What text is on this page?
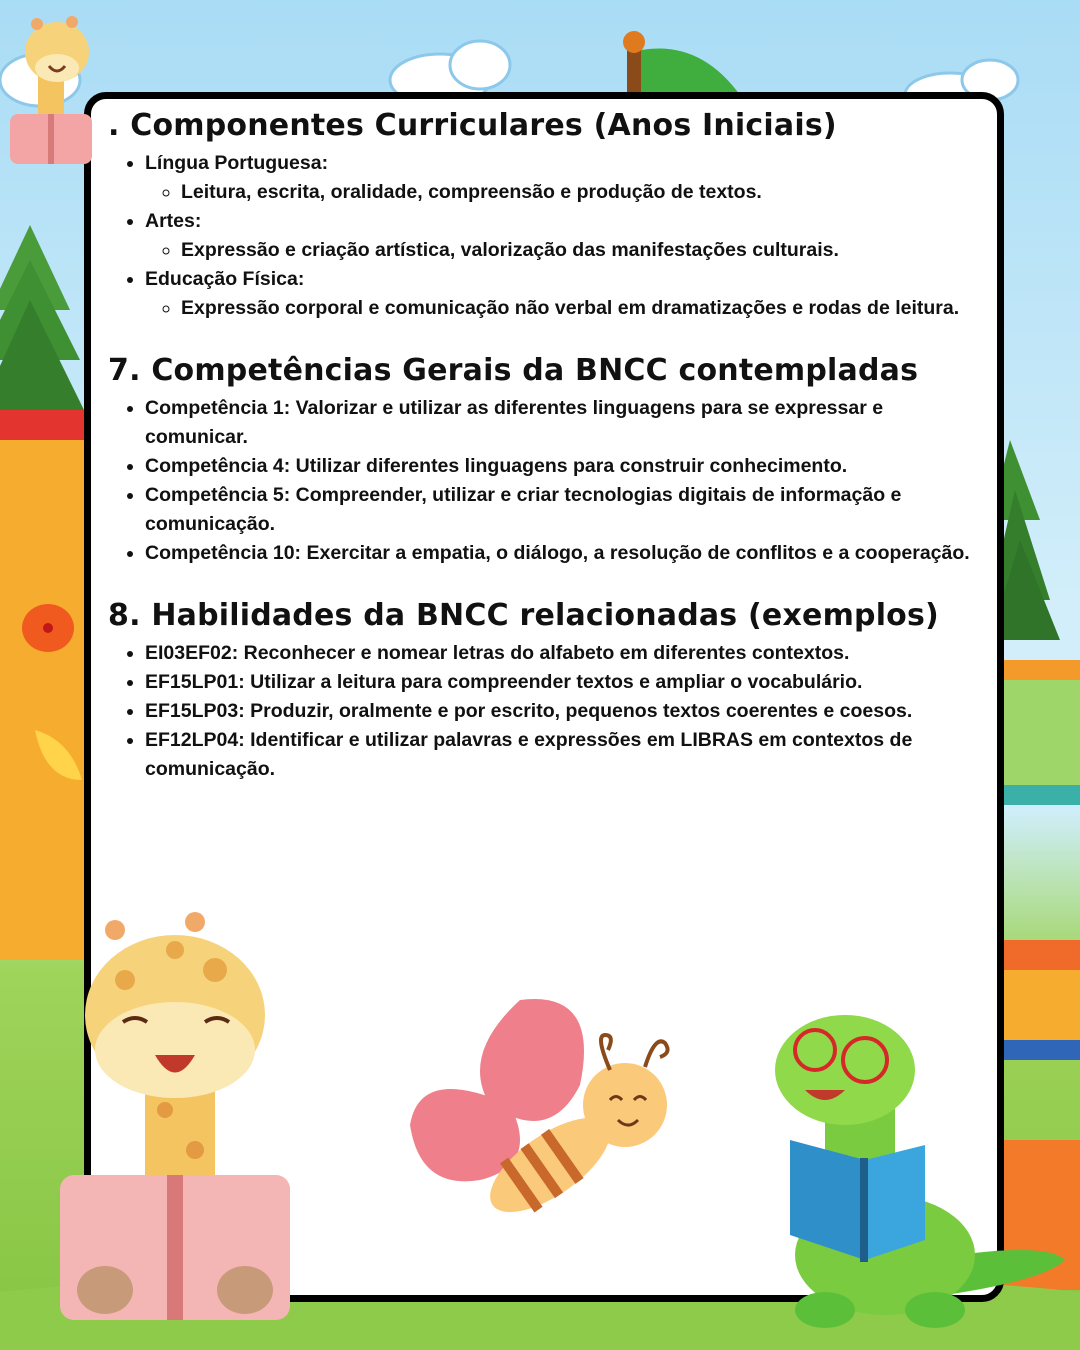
. Componentes Curriculares (Anos Iniciais)
• Língua Portuguesa:
◦ Leitura, escrita, oralidade, compreensão e produção de textos.
• Artes:
◦ Expressão e criação artística, valorização das manifestações culturais.
• Educação Física:
◦ Expressão corporal e comunicação não verbal em dramatizações e rodas de leitura.
7. Competências Gerais da BNCC contempladas
• Competência 1: Valorizar e utilizar as diferentes linguagens para se expressar e comunicar.
• Competência 4: Utilizar diferentes linguagens para construir conhecimento.
• Competência 5: Compreender, utilizar e criar tecnologias digitais de informação e comunicação.
• Competência 10: Exercitar a empatia, o diálogo, a resolução de conflitos e a cooperação.
8. Habilidades da BNCC relacionadas (exemplos)
• EI03EF02: Reconhecer e nomear letras do alfabeto em diferentes contextos.
• EF15LP01: Utilizar a leitura para compreender textos e ampliar o vocabulário.
• EF15LP03: Produzir, oralmente e por escrito, pequenos textos coerentes e coesos.
• EF12LP04: Identificar e utilizar palavras e expressões em LIBRAS em contextos de comunicação.
